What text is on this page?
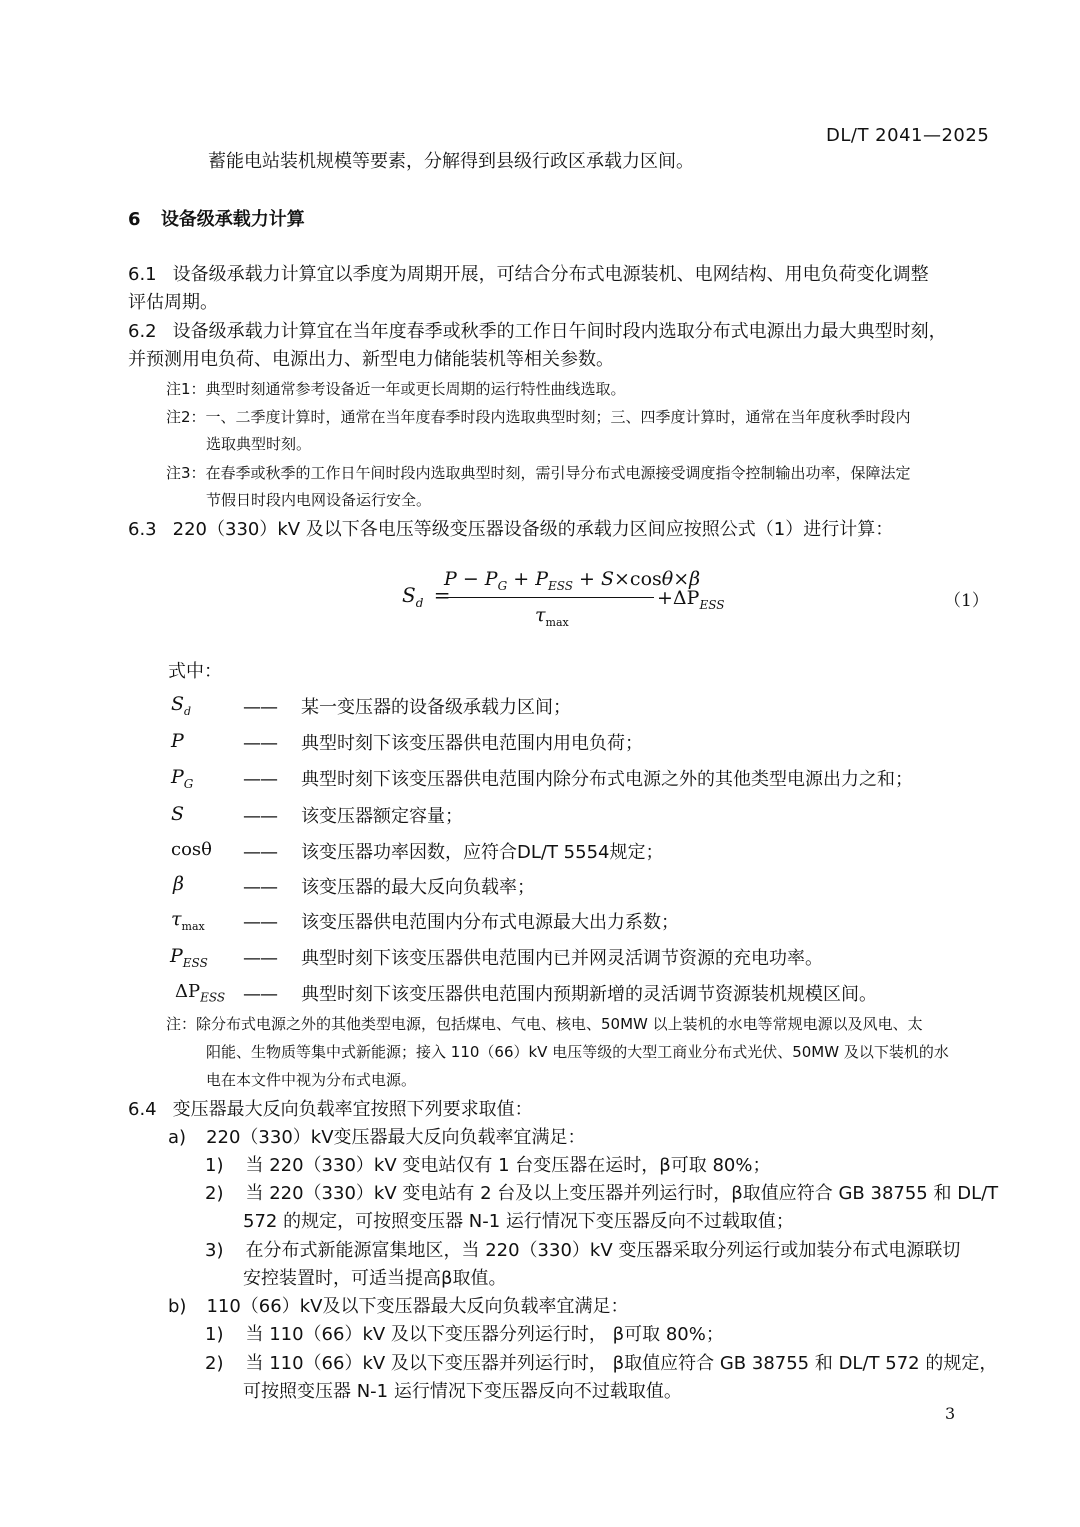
DL/T 2041—2025
蓄能电站装机规模等要素，分解得到县级行政区承载力区间。
6 设备级承载力计算
6.1 设备级承载力计算宜以季度为周期开展，可结合分布式电源装机、电网结构、用电负荷变化调整
评估周期。
6.2 设备级承载力计算宜在当年度春季或秋季的工作日午间时段内选取分布式电源出力最大典型时刻，
并预测用电负荷、电源出力、新型电力储能装机等相关参数。
注1：典型时刻通常参考设备近一年或更长周期的运行特性曲线选取。
注2：一、二季度计算时，通常在当年度春季时段内选取典型时刻；三、四季度计算时，通常在当年度秋季时段内
选取典型时刻。
注3：在春季或秋季的工作日午间时段内选取典型时刻，需引导分布式电源接受调度指令控制输出功率，保障法定
节假日时段内电网设备运行安全。
6.3 220（330）kV 及以下各电压等级变压器设备级的承载力区间应按照公式（1）进行计算：
$S_d$ =
$P - P_G + P_{ESS} + S\times\cos\theta\times\beta$
$\tau_{max}$
$+\Delta P_{ESS}$	（1）
式中：
$S_d$	—— 某一变压器的设备级承载力区间；
P	—— 典型时刻下该变压器供电范围内用电负荷；
$P_G$	—— 典型时刻下该变压器供电范围内除分布式电源之外的其他类型电源出力之和；
S	—— 该变压器额定容量；
cosθ —— 该变压器功率因数，应符合DL/T 5554规定；
β	—— 该变压器的最大反向负载率；
$\tau_{max}$ —— 该变压器供电范围内分布式电源最大出力系数；
$P_{ESS}$ —— 典型时刻下该变压器供电范围内已并网灵活调节资源的充电功率。
$\Delta P_{ESS}$ —— 典型时刻下该变压器供电范围内预期新增的灵活调节资源装机规模区间。
注：除分布式电源之外的其他类型电源，包括煤电、气电、核电、50MW 以上装机的水电等常规电源以及风电、太
阳能、生物质等集中式新能源；接入 110（66）kV 电压等级的大型工商业分布式光伏、50MW 及以下装机的水
电在本文件中视为分布式电源。
6.4 变压器最大反向负载率宜按照下列要求取值：
a) 220（330）kV变压器最大反向负载率宜满足：
1) 当 220（330）kV 变电站仅有 1 台变压器在运时，β可取 80%；
2) 当 220（330）kV 变电站有 2 台及以上变压器并列运行时，β取值应符合 GB 38755 和 DL/T
572 的规定，可按照变压器 N-1 运行情况下变压器反向不过载取值；
3) 在分布式新能源富集地区，当 220（330）kV 变压器采取分列运行或加装分布式电源联切
安控装置时，可适当提高β取值。
b) 110（66）kV及以下变压器最大反向负载率宜满足：
1) 当 110（66）kV 及以下变压器分列运行时， β可取 80%；
2) 当 110（66）kV 及以下变压器并列运行时， β取值应符合 GB 38755 和 DL/T 572 的规定，
可按照变压器 N-1 运行情况下变压器反向不过载取值。
3
